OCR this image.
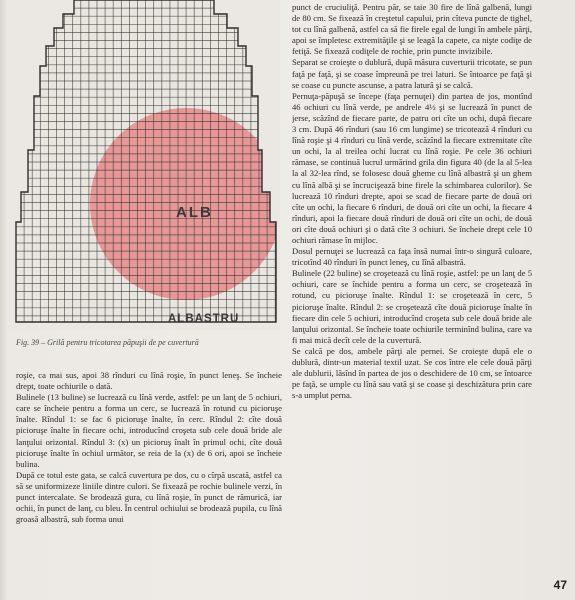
ALB
ALBASTRU
Fig. 39 – Grilă pentru tricotarea păpuşii de pe cuvertură

roşie, ca mai sus, apoi 38 rînduri cu lînă roşie, în punct leneş. Se încheie drept, toate ochiurile o dată.

Bulinele (13 buline) se lucrează cu lînă verde, astfel: pe un lanţ de 5 ochiuri, care se încheie pentru a forma un cerc, se lucrează în rotund cu picioruşe înalte. Rîndul 1: se fac 6 picioruşe înalte, în cerc. Rîndul 2: cîte două picioruşe înalte în fiecare ochi, introducînd croşeta sub cele două bride ale lanţului orizontal. Rîndul 3: (x) un picioruş înalt în primul ochi, cîte două picioruşe înalte în ochiul următor, se reia de la (x) de 6 ori, apoi se încheie bulina.

După ce totul este gata, se calcă cuvertura pe dos, cu o cîrpă uscată, astfel ca să se uniformizeze liniile dintre culori. Se fixează pe rochie bulinele verzi, în punct intercalate. Se brodează gura, cu lînă roşie, în punct de rămurică, iar ochii, în punct de lanţ, cu bleu. În centrul ochiului se brodează pupila, cu lînă groasă albastră, sub forma unui

punct de cruciuliţă. Pentru păr, se taie 30 fire de lînă galbenă, lungi de 80 cm. Se fixează în creştetul capului, prin cîteva puncte de tighel, tot cu lînă galbenă, astfel ca să fie firele egal de lungi în ambele părţi, apoi se împletesc extremităţile şi se leagă la capete, ca nişte codiţe de fetiţă. Se fixează codiţele de rochie, prin puncte invizibile.

Separat se croieşte o dublură, după măsura cuverturii tricotate, se pun faţă pe faţă, şi se coase împreună pe trei laturi. Se întoarce pe faţă şi se coase cu puncte ascunse, a patra latură şi se calcă.

Pernuţa-păpuşă se începe (faţa pernuţei) din partea de jos, montînd 46 ochiuri cu lînă verde, pe andrele 4½ şi se lucrează în punct de jerse, scăzînd de fiecare parte, de patru ori cîte un ochi, după fiecare 3 cm. După 46 rînduri (sau 16 cm lungime) se tricotează 4 rînduri cu lînă roşie şi 4 rînduri cu lînă verde, scăzînd la fiecare extremitate cîte un ochi, la al treilea ochi lucrat cu lînă roşie. Pe cele 36 ochiuri rămase, se continuă lucrul urmărind grila din figura 40 (de la al 5-lea la al 32-lea rînd, se folosesc două gheme cu lînă albastră şi un ghem cu lînă albă şi se încrucişează bine firele la schimbarea culorilor). Se lucrează 10 rînduri drepte, apoi se scad de fiecare parte de două ori cîte un ochi, la fiecare 6 rînduri, de două ori cîte un ochi, la fiecare 4 rînduri, apoi la fiecare două rînduri de două ori cîte un ochi, de două ori cîte două ochiuri şi o dată cîte 3 ochiuri. Se încheie drept cele 10 ochiuri rămase în mijloc.

Dosul pernuţei se lucrează ca faţa însă numai într-o singură culoare, tricotînd 40 rînduri în punct leneş, cu lînă albastră.

Bulinele (22 buline) se croşetează cu lînă roşie, astfel: pe un lanţ de 5 ochiuri, care se închide pentru a forma un cerc, se croşetează în rotund, cu picioruşe înalte. Rîndul 1: se croşetează în cerc, 5 picioruşe înalte. Rîndul 2: se croşetează cîte două picioruşe înalte în fiecare din cele 5 ochiuri, introducînd croşeta sub cele două bride ale lanţului orizontal. Se încheie toate ochiurile terminînd bulina, care va fi mai mică decît cele de la cuvertură.

Se calcă pe dos, ambele părţi ale pernei. Se croieşte după ele o dublură, dintr-un material textil uzat. Se cos între ele cele două părţi ale dublurii, lăsînd în partea de jos o deschidere de 10 cm, se întoarce pe faţă, se umple cu lînă sau vată şi se coase şi deschizătura prin care s-a umplut perna.

47
